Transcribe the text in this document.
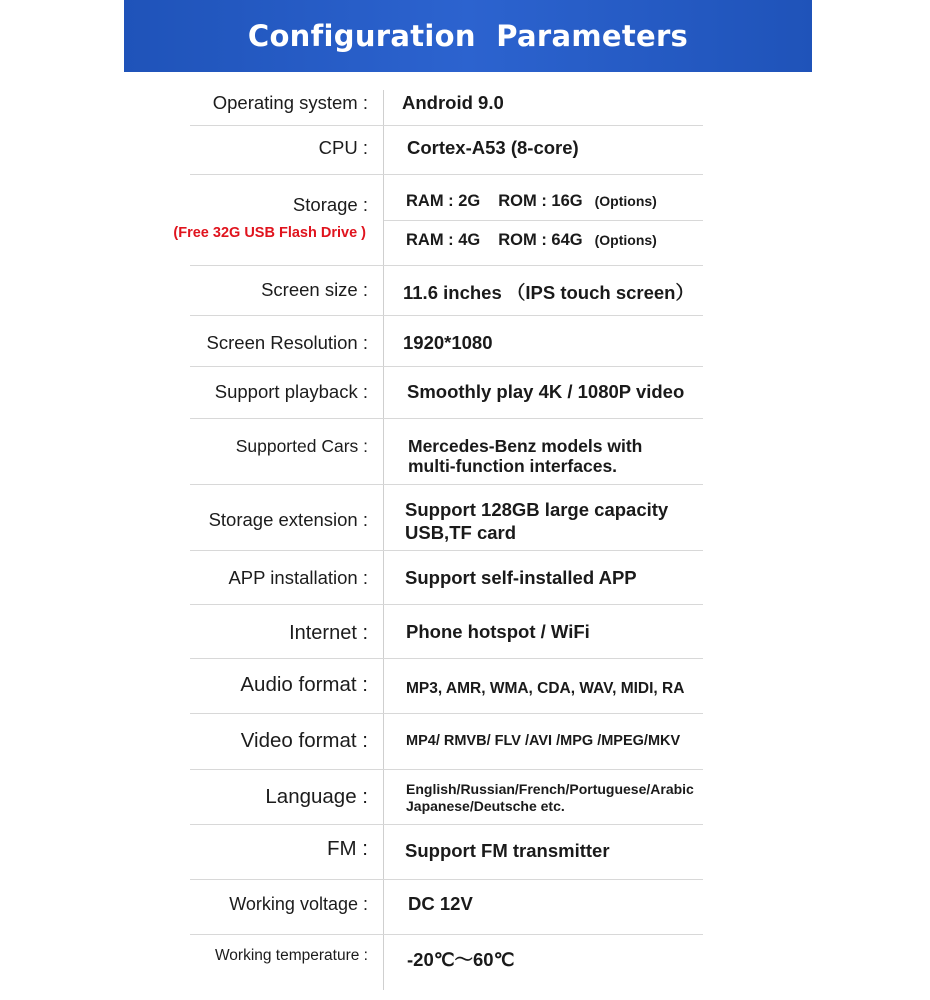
Configuration Parameters
Operating system : Android 9.0
CPU : Cortex-A53 (8-core)
Storage :
(Free 32G USB Flash Drive )
RAM : 2G ROM : 16G (Options)
RAM : 4G ROM : 64G (Options)
Screen size : 11.6 inches （IPS touch screen）
Screen Resolution : 1920*1080
Support playback : Smoothly play 4K / 1080P video
Supported Cars : Mercedes-Benz models with
multi-function interfaces.
Storage extension : Support 128GB large capacity
USB,TF card
APP installation : Support self-installed APP
Internet : Phone hotspot / WiFi
Audio format : MP3, AMR, WMA, CDA, WAV, MIDI, RA
Video format :	MP4/ RMVB/ FLV /AVI /MPG /MPEG/MKV
Language :	English/Russian/French/Portuguese/Arabic
Japanese/Deutsche etc.
FM : Support FM transmitter
Working voltage : DC 12V
Working temperature : -20℃～60℃
